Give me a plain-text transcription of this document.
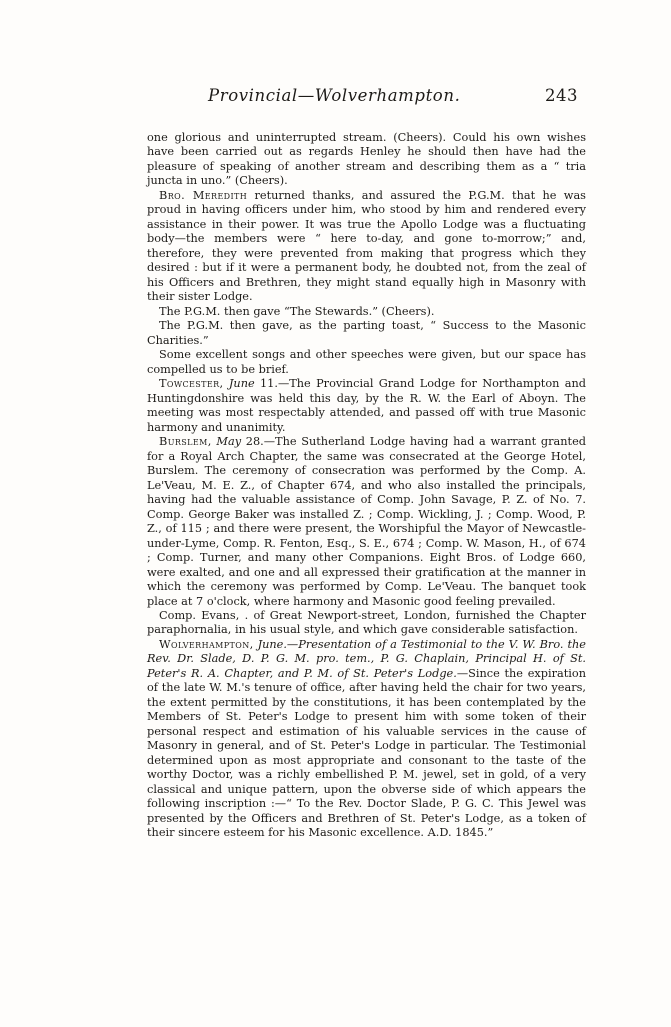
Provincial—Wolverhampton.	243

one glorious and uninterrupted stream. (Cheers). Could his own wishes have been carried out as regards Henley he should then have had the pleasure of speaking of another stream and describing them as a “ tria juncta in uno.” (Cheers).

Bro. Meredith returned thanks, and assured the P.G.M. that he was proud in having officers under him, who stood by him and rendered every assistance in their power. It was true the Apollo Lodge was a fluctuating body—the members were “ here to-day, and gone to-morrow;” and, therefore, they were prevented from making that progress which they desired : but if it were a permanent body, he doubted not, from the zeal of his Officers and Brethren, they might stand equally high in Masonry with their sister Lodge.

The P.G.M. then gave “The Stewards.” (Cheers).

The P.G.M. then gave, as the parting toast, “ Success to the Masonic Charities.”

Some excellent songs and other speeches were given, but our space has compelled us to be brief.

Towcester, June 11.—The Provincial Grand Lodge for Northampton and Huntingdonshire was held this day, by the R. W. the Earl of Aboyn. The meeting was most respectably attended, and passed off with true Masonic harmony and unanimity.

Burslem, May 28.—The Sutherland Lodge having had a warrant granted for a Royal Arch Chapter, the same was consecrated at the George Hotel, Burslem. The ceremony of consecration was performed by the Comp. A. Le'Veau, M. E. Z., of Chapter 674, and who also installed the principals, having had the valuable assistance of Comp. John Savage, P. Z. of No. 7. Comp. George Baker was installed Z. ; Comp. Wickling, J. ; Comp. Wood, P. Z., of 115 ; and there were present, the Worshipful the Mayor of Newcastle-under-Lyme, Comp. R. Fenton, Esq., S. E., 674 ; Comp. W. Mason, H., of 674 ; Comp. Turner, and many other Companions. Eight Bros. of Lodge 660, were exalted, and one and all expressed their gratification at the manner in which the ceremony was performed by Comp. Le'Veau. The banquet took place at 7 o'clock, where harmony and Masonic good feeling prevailed.

Comp. Evans, . of Great Newport-street, London, furnished the Chapter paraphornalia, in his usual style, and which gave considerable satisfaction.

Wolverhampton, June.—Presentation of a Testimonial to the V. W. Bro. the Rev. Dr. Slade, D. P. G. M. pro. tem., P. G. Chaplain, Principal H. of St. Peter's R. A. Chapter, and P. M. of St. Peter's Lodge.—Since the expiration of the late W. M.'s tenure of office, after having held the chair for two years, the extent permitted by the constitutions, it has been contemplated by the Members of St. Peter's Lodge to present him with some token of their personal respect and estimation of his valuable services in the cause of Masonry in general, and of St. Peter's Lodge in particular. The Testimonial determined upon as most appropriate and consonant to the taste of the worthy Doctor, was a richly embellished P. M. jewel, set in gold, of a very classical and unique pattern, upon the obverse side of which appears the following inscription :—“ To the Rev. Doctor Slade, P. G. C. This Jewel was presented by the Officers and Brethren of St. Peter's Lodge, as a token of their sincere esteem for his Masonic excellence. A.D. 1845.”
